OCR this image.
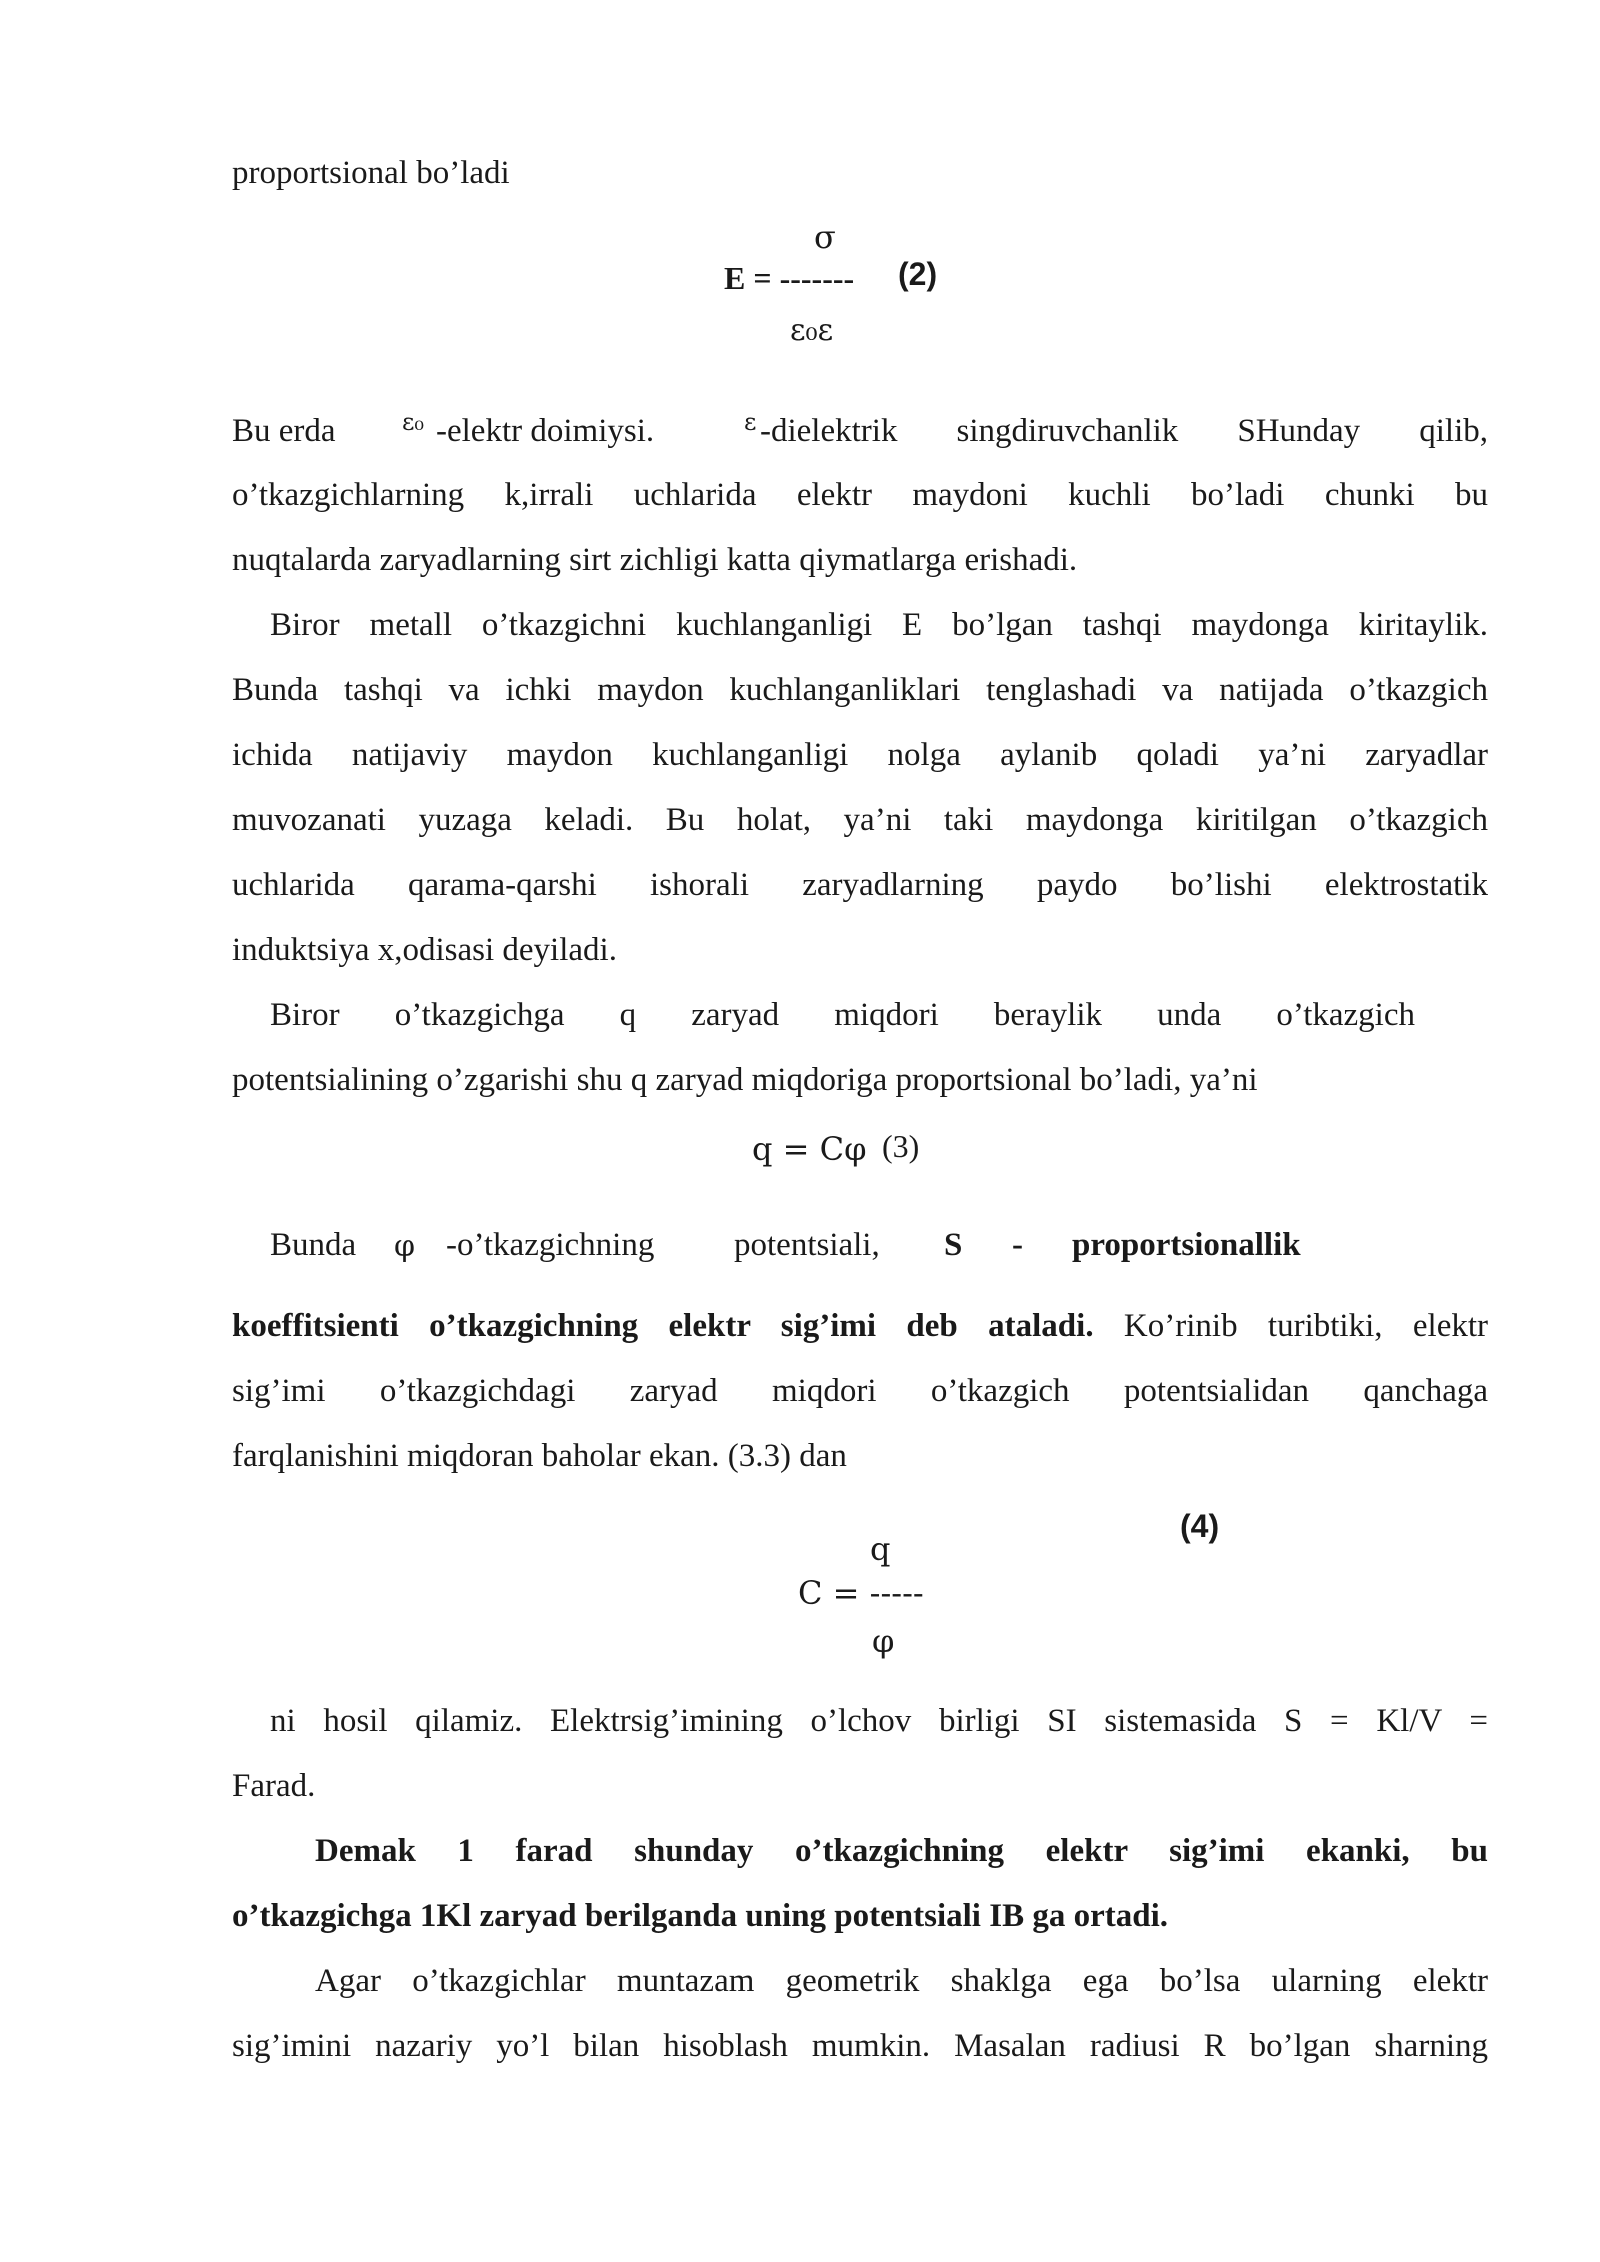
proportsional bo’ladi
σ
E = ------- (2)
ε₀ε
Bu erda	ε₀ -elektr doimiysi.	ε -dielektrik singdiruvchanlik SHunday qilib,
o’tkazgichlarning k,irrali uchlarida elektr maydoni kuchli bo’ladi chunki bu
nuqtalarda zaryadlarning sirt zichligi katta qiymatlarga erishadi.
Biror metall o’tkazgichni kuchlanganligi E bo’lgan tashqi maydonga kiritaylik.
Bunda tashqi va ichki maydon kuchlanganliklari tenglashadi va natijada o’tkazgich
ichida natijaviy maydon kuchlanganligi nolga aylanib qoladi ya’ni zaryadlar
muvozanati yuzaga keladi. Bu holat, ya’ni taki maydonga kiritilgan o’tkazgich
uchlarida qarama-qarshi ishorali zaryadlarning paydo bo’lishi elektrostatik
induktsiya x,odisasi deyiladi.
Biror o’tkazgichga q zaryad miqdori beraylik unda o’tkazgich
potentsialining o’zgarishi shu q zaryad miqdoriga proportsional bo’ladi, ya’ni
q = Cφ (3)
Bunda φ -o’tkazgichning potentsiali, S - proportsionallik
koeffitsienti o’tkazgichning elektr sig’imi deb ataladi. Ko’rinib turibtiki, elektr
sig’imi o’tkazgichdagi zaryad miqdori o’tkazgich potentsialidan qanchaga
farqlanishini miqdoran baholar ekan. (3.3) dan
(4)
q
C = -----
φ
ni hosil qilamiz. Elektrsig’imining o’lchov birligi SI sistemasida S = Kl/V =
Farad.
Demak 1 farad shunday o’tkazgichning elektr sig’imi ekanki, bu
o’tkazgichga 1Kl zaryad berilganda uning potentsiali IB ga ortadi.
Agar o’tkazgichlar muntazam geometrik shaklga ega bo’lsa ularning elektr
sig’imini nazariy yo’l bilan hisoblash mumkin. Masalan radiusi R bo’lgan sharning
